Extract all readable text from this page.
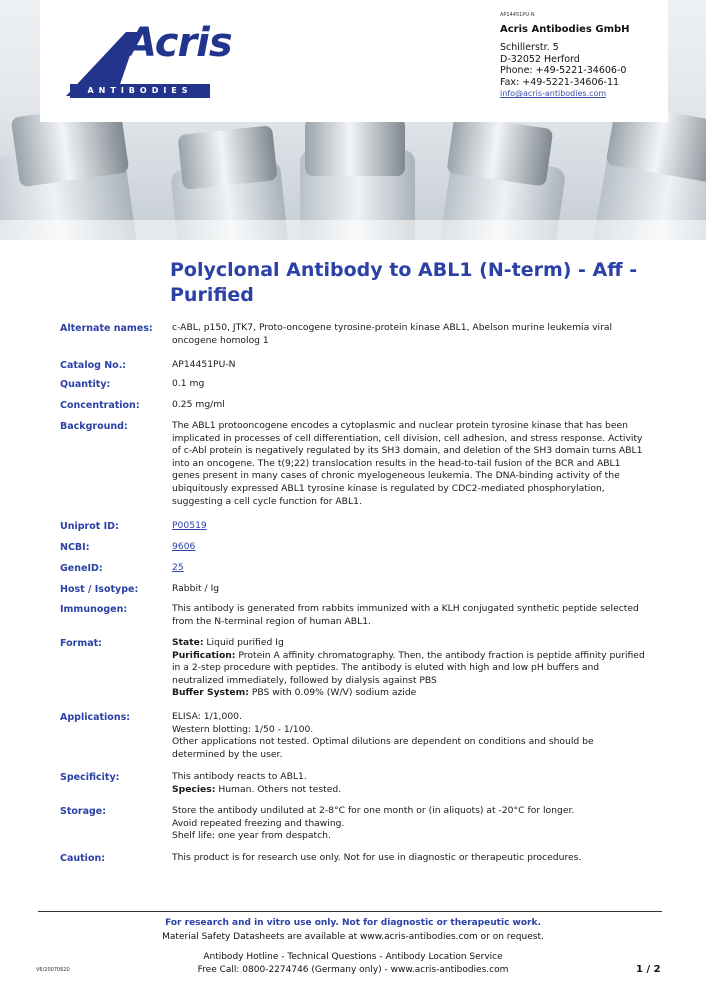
Acris
ANTIBODIES
AP14451PU-N
Acris Antibodies GmbH
Schillerstr. 5
D-32052 Herford
Phone: +49-5221-34606-0
Fax: +49-5221-34606-11
info@acris-antibodies.com
Polyclonal Antibody to ABL1 (N-term) - Aff - Purified
Alternate names:	c-ABL, p150, JTK7, Proto-oncogene tyrosine-protein kinase ABL1, Abelson murine leukemia viral oncogene homolog 1
Catalog No.:	AP14451PU-N
Quantity:	0.1 mg
Concentration:	0.25 mg/ml
Background:	The ABL1 protooncogene encodes a cytoplasmic and nuclear protein tyrosine kinase that has been implicated in processes of cell differentiation, cell division, cell adhesion, and stress response. Activity of c-Abl protein is negatively regulated by its SH3 domain, and deletion of the SH3 domain turns ABL1 into an oncogene. The t(9;22) translocation results in the head-to-tail fusion of the BCR and ABL1 genes present in many cases of chronic myelogeneous leukemia. The DNA-binding activity of the ubiquitously expressed ABL1 tyrosine kinase is regulated by CDC2-mediated phosphorylation, suggesting a cell cycle function for ABL1.
Uniprot ID:	P00519
NCBI:	9606
GeneID:	25
Host / Isotype:	Rabbit / Ig
Immunogen:	This antibody is generated from rabbits immunized with a KLH conjugated synthetic peptide selected from the N-terminal region of human ABL1.
Format:	State: Liquid purified Ig
Purification: Protein A affinity chromatography. Then, the antibody fraction is peptide affinity purified in a 2-step procedure with peptides. The antibody is eluted with high and low pH buffers and neutralized immediately, followed by dialysis against PBS
Buffer System: PBS with 0.09% (W/V) sodium azide
Applications:	ELISA: 1/1,000.
Western blotting: 1/50 - 1/100.
Other applications not tested. Optimal dilutions are dependent on conditions and should be determined by the user.
Specificity:	This antibody reacts to ABL1.
Species: Human. Others not tested.
Storage:	Store the antibody undiluted at 2-8°C for one month or (in aliquots) at -20°C for longer.
Avoid repeated freezing and thawing.
Shelf life: one year from despatch.
Caution:	This product is for research use only. Not for use in diagnostic or therapeutic procedures.
For research and in vitro use only. Not for diagnostic or therapeutic work.
Material Safety Datasheets are available at www.acris-antibodies.com or on request.
Antibody Hotline - Technical Questions - Antibody Location Service
Free Call: 0800-2274746 (Germany only) - www.acris-antibodies.com
V6/20070620	1 / 2
